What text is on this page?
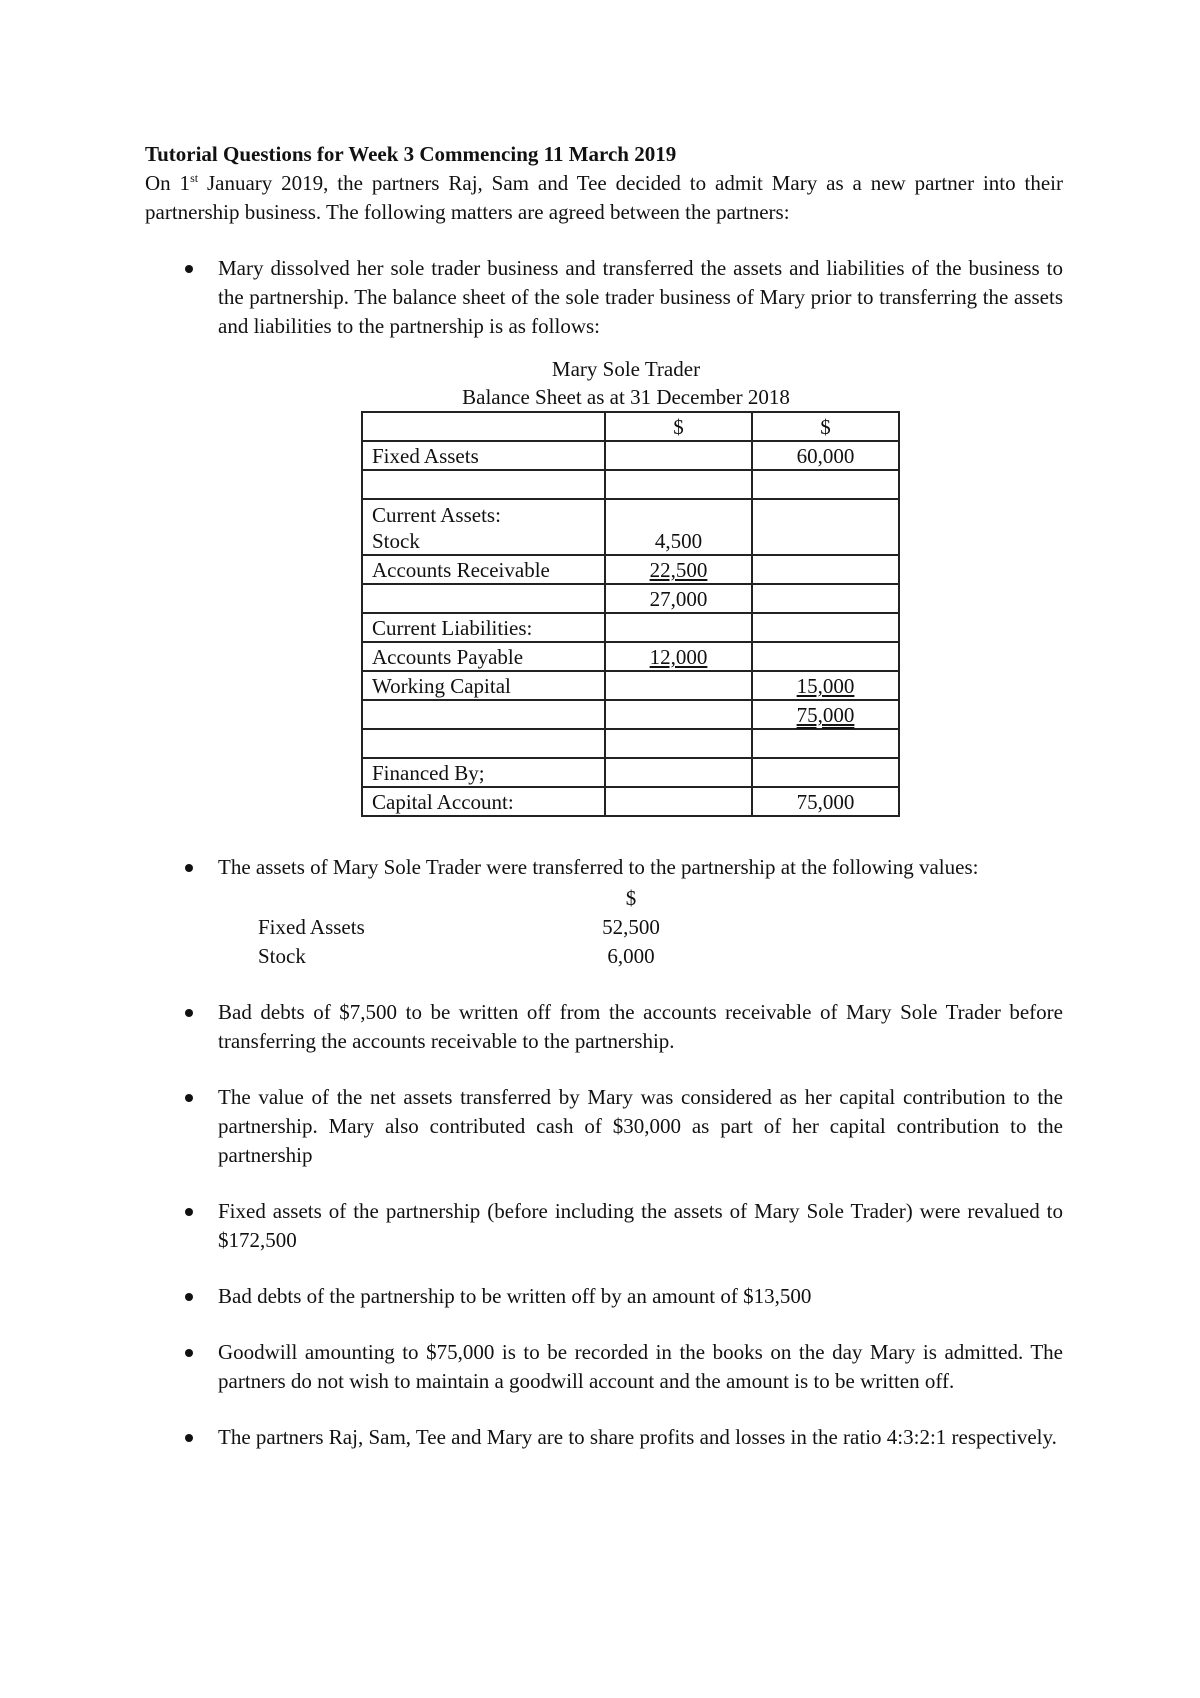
Tutorial Questions for Week 3 Commencing 11 March 2019
On 1st January 2019, the partners Raj, Sam and Tee decided to admit Mary as a new partner into their partnership business. The following matters are agreed between the partners:
Mary dissolved her sole trader business and transferred the assets and liabilities of the business to the partnership. The balance sheet of the sole trader business of Mary prior to transferring the assets and liabilities to the partnership is as follows:
Mary Sole Trader
Balance Sheet as at 31 December 2018
	$	$
Fixed Assets		60,000

Current Assets:
Stock	4,500	

Accounts Receivable	22,500	
	27,000	
Current Liabilities:		
Accounts Payable	12,000	
Working Capital		15,000
		75,000

Financed By;		
Capital Account:		75,000
The assets of Mary Sole Trader were transferred to the partnership at the following values:
$
Fixed Assets	52,500
Stock	6,000
Bad debts of $7,500 to be written off from the accounts receivable of Mary Sole Trader before transferring the accounts receivable to the partnership.
The value of the net assets transferred by Mary was considered as her capital contribution to the partnership. Mary also contributed cash of $30,000 as part of her capital contribution to the partnership
Fixed assets of the partnership (before including the assets of Mary Sole Trader) were revalued to $172,500
Bad debts of the partnership to be written off by an amount of $13,500
Goodwill amounting to $75,000 is to be recorded in the books on the day Mary is admitted. The partners do not wish to maintain a goodwill account and the amount is to be written off.
The partners Raj, Sam, Tee and Mary are to share profits and losses in the ratio 4:3:2:1 respectively.
